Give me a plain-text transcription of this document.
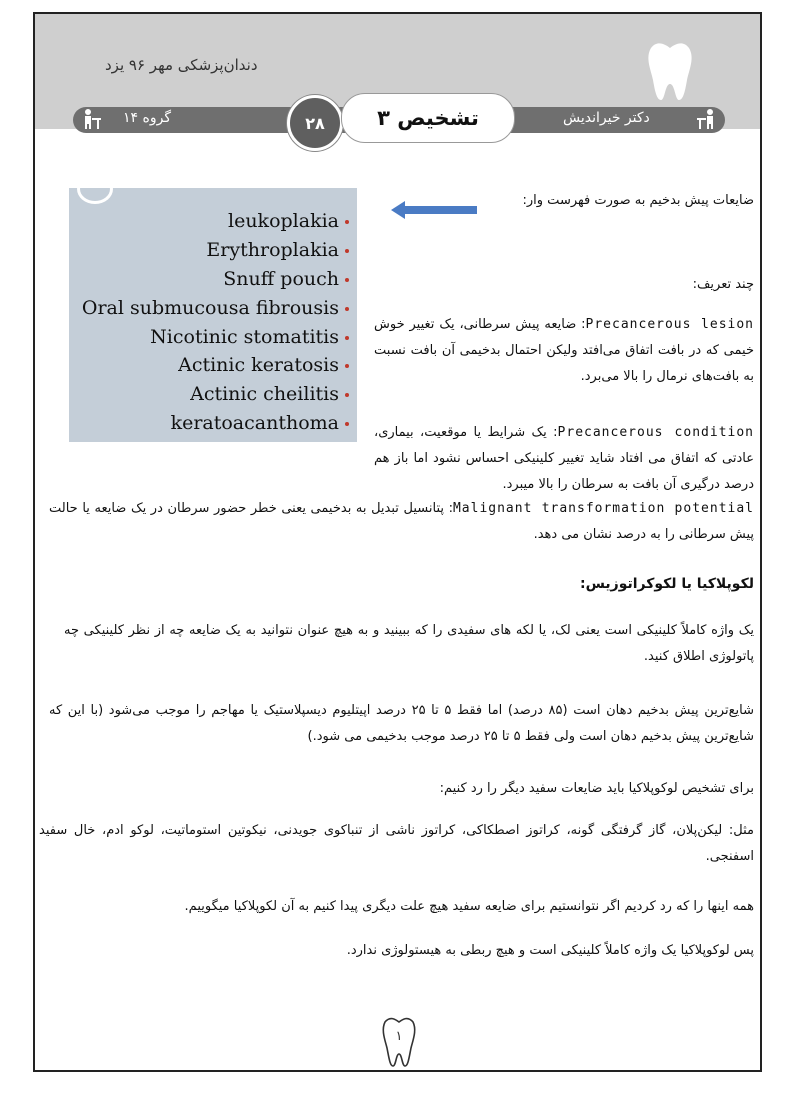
دندان‌پزشکی مهر ۹۶ یزد
گروه ۱۴	۲۸	تشخیص ۳	دکتر خیراندیش
leukoplakia
Erythroplakia
Snuff pouch
Oral submucousa fibrousis
Nicotinic stomatitis
Actinic keratosis
Actinic cheilitis
keratoacanthoma
ضایعات پیش بدخیم به صورت فهرست وار:
چند تعریف:
Precancerous lesion: ضایعه پیش سرطانی، یک تغییر خوش خیمی که در بافت اتفاق می‌افتد ولیکن احتمال بدخیمی آن بافت نسبت به بافت‌های نرمال را بالا می‌برد.
Precancerous condition: یک شرایط یا موقعیت، بیماری، عادتی که اتفاق می افتاد شاید تغییر کلینیکی احساس نشود اما باز هم درصد درگیری آن بافت به سرطان را بالا میبرد.
Malignant transformation potential: پتانسیل تبدیل به بدخیمی یعنی خطر حضور سرطان در یک ضایعه یا حالت پیش سرطانی را به درصد نشان می دهد.
لکوپلاکیا یا لکوکراتوزیس:
یک واژه کاملاً کلینیکی است یعنی لک، یا لکه های سفیدی را که ببینید و به هیچ عنوان نتوانید به یک ضایعه چه از نظر کلینیکی چه پاتولوژی اطلاق کنید.
شایع‌ترین پیش بدخیم دهان است (۸۵ درصد) اما فقط ۵ تا ۲۵ درصد اپیتلیوم دیسپلاستیک یا مهاجم را موجب می‌شود (با این که شایع‌ترین پیش بدخیم دهان است ولی فقط ۵ تا ۲۵ درصد موجب بدخیمی می شود.)
برای تشخیص لوکوپلاکیا باید ضایعات سفید دیگر را رد کنیم:
مثل: لیکن‌پلان، گاز گرفتگی گونه، کراتوز اصطکاکی، کراتوز ناشی از تنباکوی جویدنی، نیکوتین استوماتیت، لوکو ادم، خال سفید اسفنجی.
همه اینها را که رد کردیم اگر نتوانستیم برای ضایعه سفید هیچ علت دیگری پیدا کنیم به آن لکوپلاکیا میگوییم.
پس لوکوپلاکیا یک واژه کاملاً کلینیکی است و هیچ ربطی به هیستولوژی ندارد.
۱
